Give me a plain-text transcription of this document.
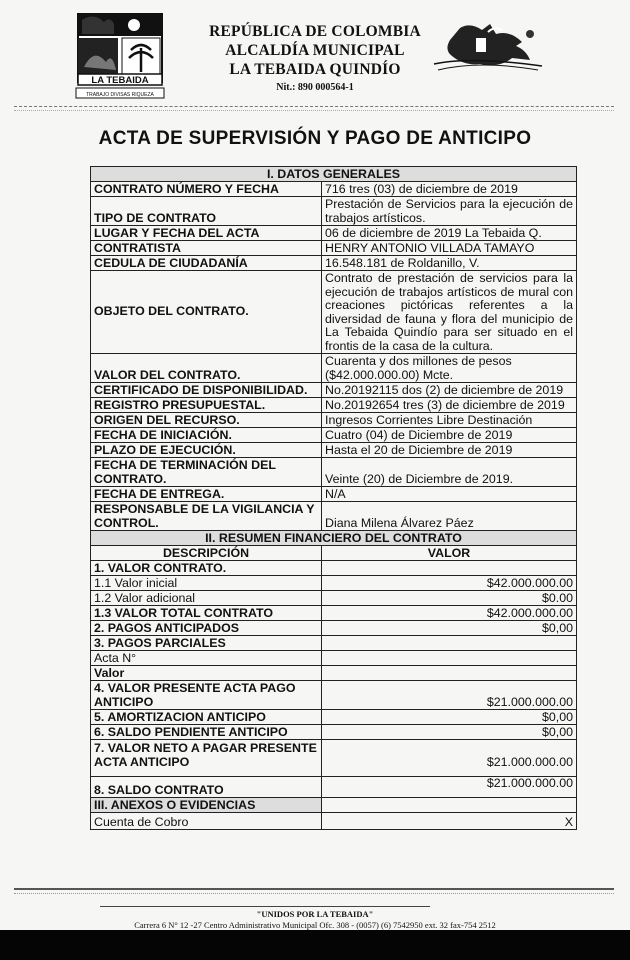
LA TEBAIDA
TRABAJO DIVISAS RIQUEZA
REPÚBLICA DE COLOMBIA
ALCALDÍA MUNICIPAL
LA TEBAIDA QUINDÍO
Nit.: 890 000564-1
ACTA DE SUPERVISIÓN Y PAGO DE ANTICIPO
I. DATOS GENERALES	
CONTRATO NÚMERO Y FECHA	716 tres (03) de diciembre de 2019
TIPO DE CONTRATO	Prestación de Servicios para la ejecución de trabajos artísticos.
LUGAR Y FECHA DEL ACTA	06 de diciembre de 2019 La Tebaida Q.
CONTRATISTA	HENRY ANTONIO VILLADA TAMAYO
CEDULA DE CIUDADANÍA	16.548.181 de Roldanillo, V.
OBJETO DEL CONTRATO.	Contrato de prestación de servicios para la ejecución de trabajos artísticos de mural con creaciones pictóricas referentes a la diversidad de fauna y flora del municipio de La Tebaida Quindío para ser situado en el frontis de la casa de la cultura.
VALOR DEL CONTRATO.	Cuarenta y dos millones de pesos ($42.000.000.00) Mcte.
CERTIFICADO DE DISPONIBILIDAD.	No.20192115 dos (2) de diciembre de 2019
REGISTRO PRESUPUESTAL.	No.20192654 tres (3) de diciembre de 2019
ORIGEN DEL RECURSO.	Ingresos Corrientes Libre Destinación
FECHA DE INICIACIÓN.	Cuatro (04) de Diciembre de 2019
PLAZO DE EJECUCIÓN.	Hasta el 20 de Diciembre de 2019
FECHA DE TERMINACIÓN DEL CONTRATO.	Veinte (20) de Diciembre de 2019.
FECHA DE ENTREGA.	N/A
RESPONSABLE DE LA VIGILANCIA Y CONTROL.	Diana Milena Álvarez Páez
II. RESUMEN FINANCIERO DEL CONTRATO	
DESCRIPCIÓN	VALOR
1. VALOR CONTRATO.	
1.1 Valor inicial	$42.000.000.00
1.2 Valor adicional	$0.00
1.3 VALOR TOTAL CONTRATO	$42.000.000.00
2. PAGOS ANTICIPADOS	$0,00
3. PAGOS PARCIALES	
Acta N°	
Valor	
4. VALOR PRESENTE ACTA PAGO ANTICIPO	$21.000.000.00
5. AMORTIZACION ANTICIPO	$0,00
6. SALDO PENDIENTE ANTICIPO	$0,00
7. VALOR NETO A PAGAR PRESENTE ACTA ANTICIPO	$21.000.000.00
8. SALDO CONTRATO	$21.000.000.00
III. ANEXOS O EVIDENCIAS	
Cuenta de Cobro	X
"UNIDOS POR LA TEBAIDA"
Carrera 6 N° 12 -27 Centro Administrativo Municipal Ofc. 308 - (0057) (6) 7542950 ext. 32 fax-754 2512
